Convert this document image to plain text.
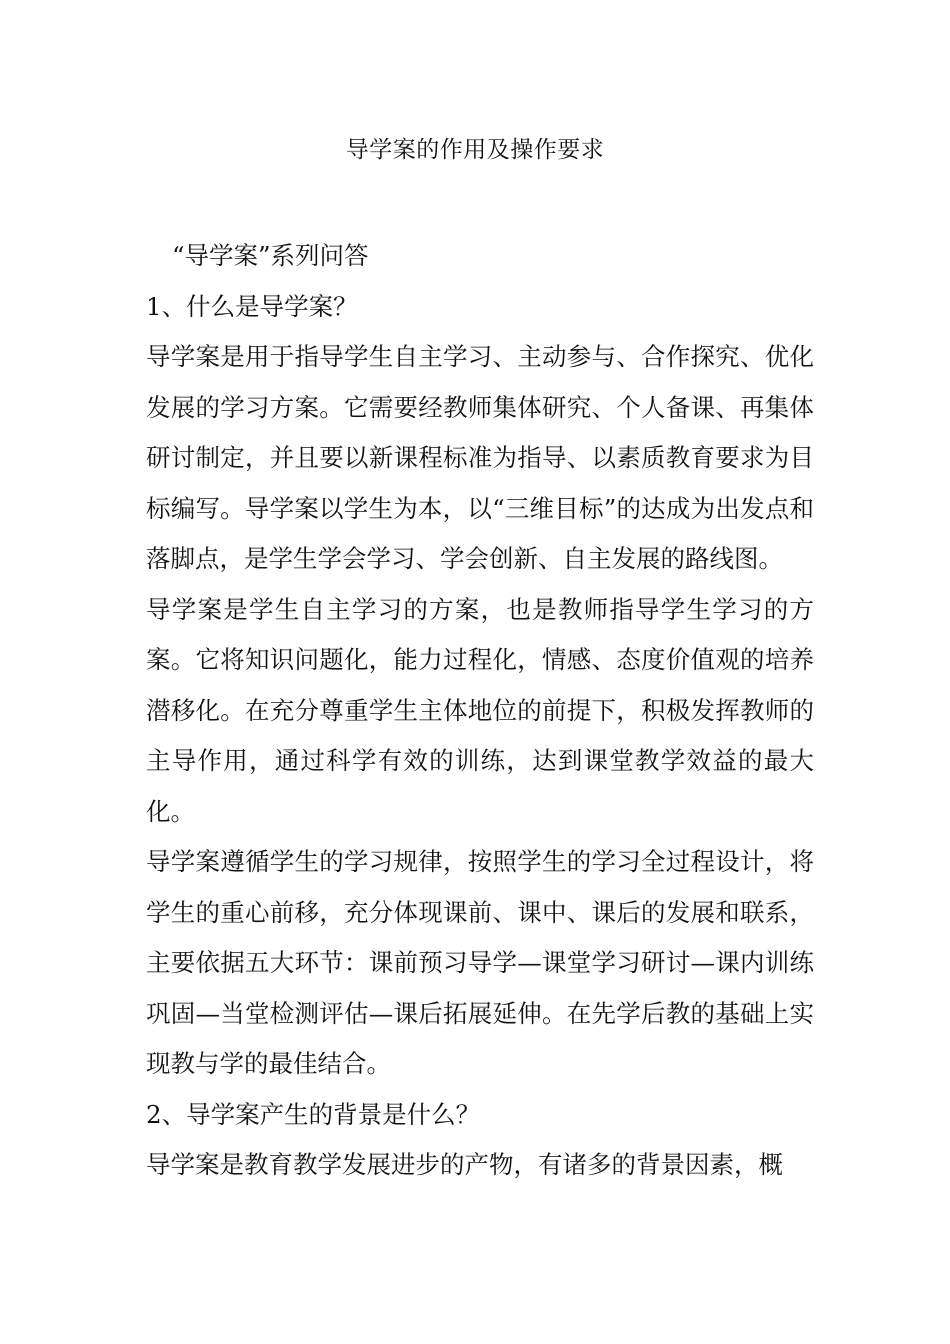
导学案的作用及操作要求

“导学案”系列问答

1、什么是导学案？

导学案是用于指导学生自主学习、主动参与、合作探究、优化发展的学习方案。它需要经教师集体研究、个人备课、再集体研讨制定，并且要以新课程标准为指导、以素质教育要求为目标编写。导学案以学生为本，以“三维目标”的达成为出发点和落脚点，是学生学会学习、学会创新、自主发展的路线图。

导学案是学生自主学习的方案，也是教师指导学生学习的方案。它将知识问题化，能力过程化，情感、态度价值观的培养潜移化。在充分尊重学生主体地位的前提下，积极发挥教师的主导作用，通过科学有效的训练，达到课堂教学效益的最大化。

导学案遵循学生的学习规律，按照学生的学习全过程设计，将学生的重心前移，充分体现课前、课中、课后的发展和联系，主要依据五大环节：课前预习导学—课堂学习研讨—课内训练巩固—当堂检测评估—课后拓展延伸。在先学后教的基础上实现教与学的最佳结合。

2、导学案产生的背景是什么？

导学案是教育教学发展进步的产物，有诸多的背景因素，概
